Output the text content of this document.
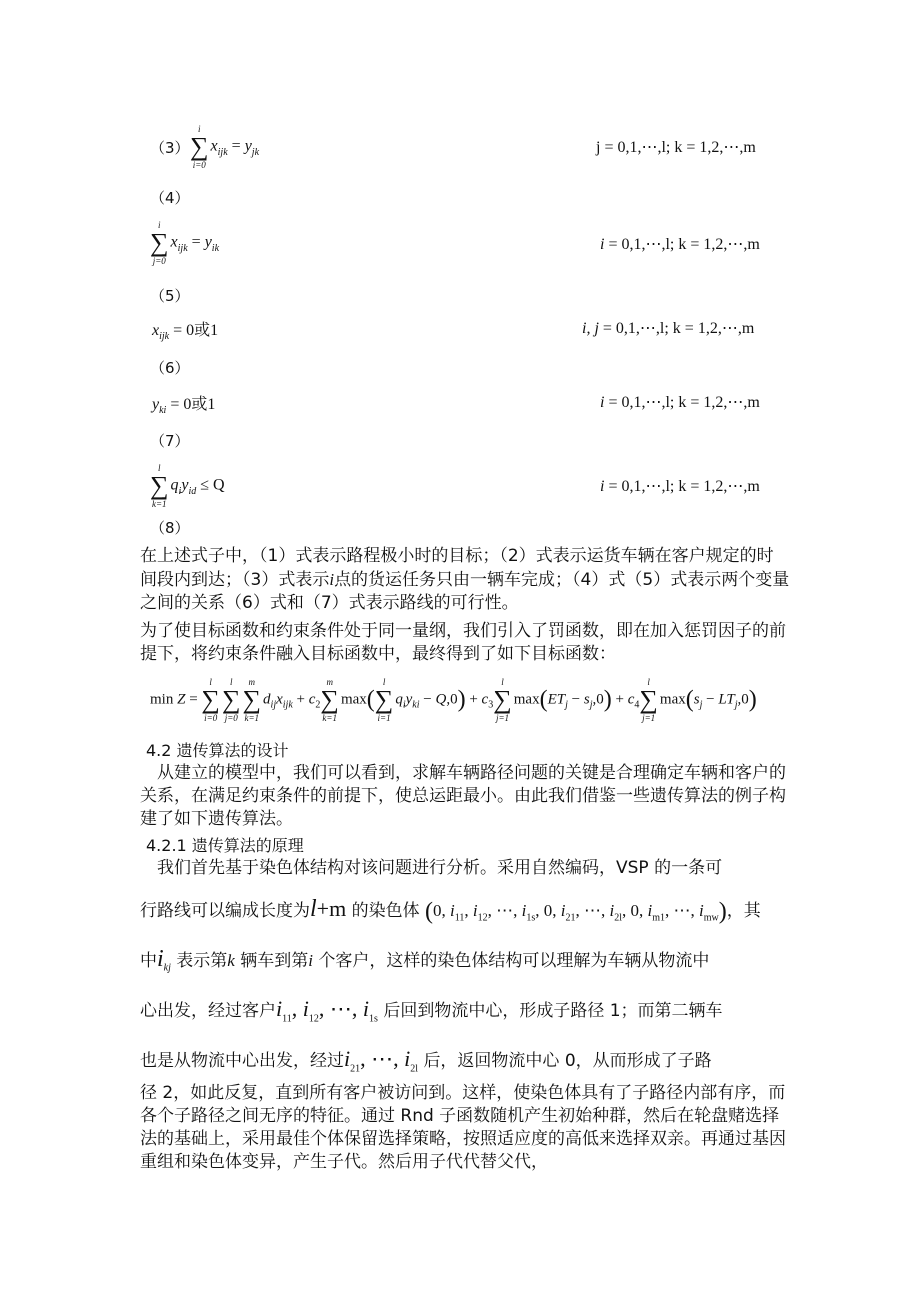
（3）
i
∑
i=0
$x_{ijk} = y_{jk}$	j = 0,1,⋯,l; k = 1,2,⋯,m
（4）
i
∑
j=0
$x_{ijk} = y_{ik}$	i = 0,1,⋯,l; k = 1,2,⋯,m
（5）
$x_{ijk} = 0$或1	i, j = 0,1,⋯,l; k = 1,2,⋯,m
（6）
$y_{ki} = 0$或1	i = 0,1,⋯,l; k = 1,2,⋯,m
（7）
l
∑
k=1
$q_iy_{id} \le Q$	i = 0,1,⋯,l; k = 1,2,⋯,m
（8）
在上述式子中，（1）式表示路程极小时的目标；（2）式表示运货车辆在客户规定的时间段内到达；（3）式表示i点的货运任务只由一辆车完成；（4）式（5）式表示两个变量之间的关系（6）式和（7）式表示路线的可行性。
为了使目标函数和约束条件处于同一量纲，我们引入了罚函数，即在加入惩罚因子的前提下，将约束条件融入目标函数中，最终得到了如下目标函数：
min Z =
l
∑
i=0
l
∑
j=0
m
∑
k=1
$d_{ij}x_{ijk} + c_2$
m
∑
k=1
max(
l
∑
i=1
$q_iy_{ki} - Q,0) + c_3$
l
∑
j=1
$\max(ET_j - s_j,0) + c_4$
l
∑
j=1
$\max(s_j - LT_j,0)$
4.2 遗传算法的设计
从建立的模型中，我们可以看到，求解车辆路径问题的关键是合理确定车辆和客户的关系，在满足约束条件的前提下，使总运距最小。由此我们借鉴一些遗传算法的例子构建了如下遗传算法。
4.2.1 遗传算法的原理
我们首先基于染色体结构对该问题进行分析。采用自然编码，VSP 的一条可
行路线可以编成长度为l+m 的染色体 (0, $i_{11}$, $i_{12}$, ⋯, $i_{1s}$, 0, $i_{21}$, ⋯, $i_{2l}$, 0, $i_{m1}$, ⋯, $i_{mw}$)，其
中$i_{kj}$ 表示第k 辆车到第i 个客户，这样的染色体结构可以理解为车辆从物流中
心出发，经过客户$i_{11}$, $i_{12}$, ⋯, $i_{1s}$ 后回到物流中心，形成子路径 1；而第二辆车
也是从物流中心出发，经过$i_{21}$, ⋯, $i_{2l}$ 后，返回物流中心 0，从而形成了子路
径 2，如此反复，直到所有客户被访问到。这样，使染色体具有了子路径内部有序，而各个子路径之间无序的特征。通过 Rnd 子函数随机产生初始种群，然后在轮盘赌选择法的基础上，采用最佳个体保留选择策略，按照适应度的高低来选择双亲。再通过基因重组和染色体变异，产生子代。然后用子代代替父代，
